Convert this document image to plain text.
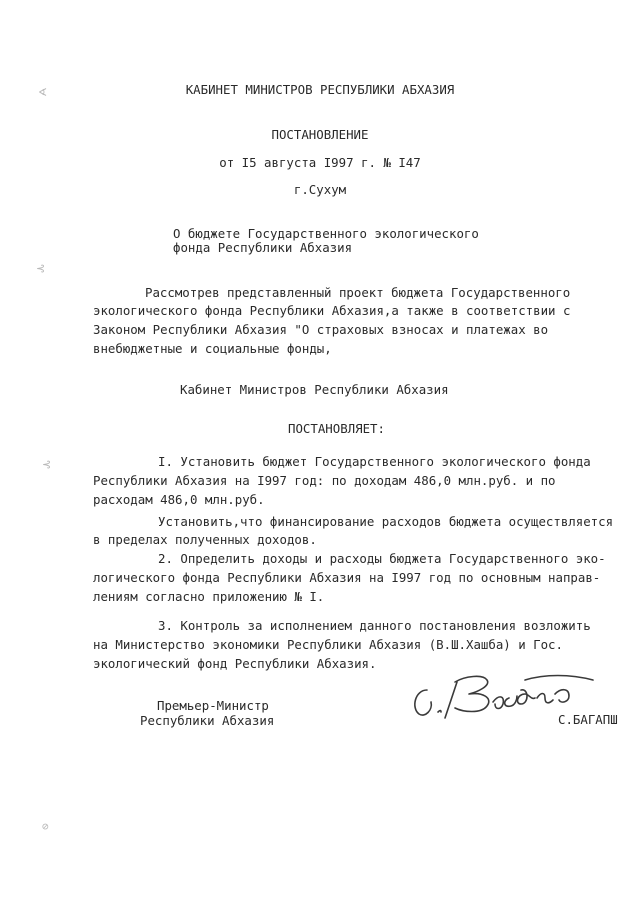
КАБИНЕТ МИНИСТРОВ РЕСПУБЛИКИ АБХАЗИЯ
ПОСТАНОВЛЕНИЕ
от I5 августа I997 г. № I47
г.Сухум
О бюджете Государственного экологического
фонда Республики Абхазия
Рассмотрев представленный проект бюджета Государственного
экологического фонда Республики Абхазия,а также в соответствии с
Законом Республики Абхазия "О страховых взносах и платежах во
внебюджетные и социальные фонды,
Кабинет Министров Республики Абхазия
ПОСТАНОВЛЯЕТ:
I. Установить бюджет Государственного экологического фонда
Республики Абхазия на I997 год: по доходам 486,0 млн.руб. и по
расходам 486,0 млн.руб.
Установить,что финансирование расходов бюджета осуществляется
в пределах полученных доходов.
2. Определить доходы и расходы бюджета Государственного эко-
логического фонда Республики Абхазия на I997 год по основным направ-
лениям согласно приложению № I.
3. Контроль за исполнением данного постановления возложить
на Министерство экономики Республики Абхазия (В.Ш.Хашба) и Гос.
экологический фонд Республики Абхазия.
Премьер-Министр
Республики Абхазия	С.БАГАПШ
∢
⊰
⊰
⊘
